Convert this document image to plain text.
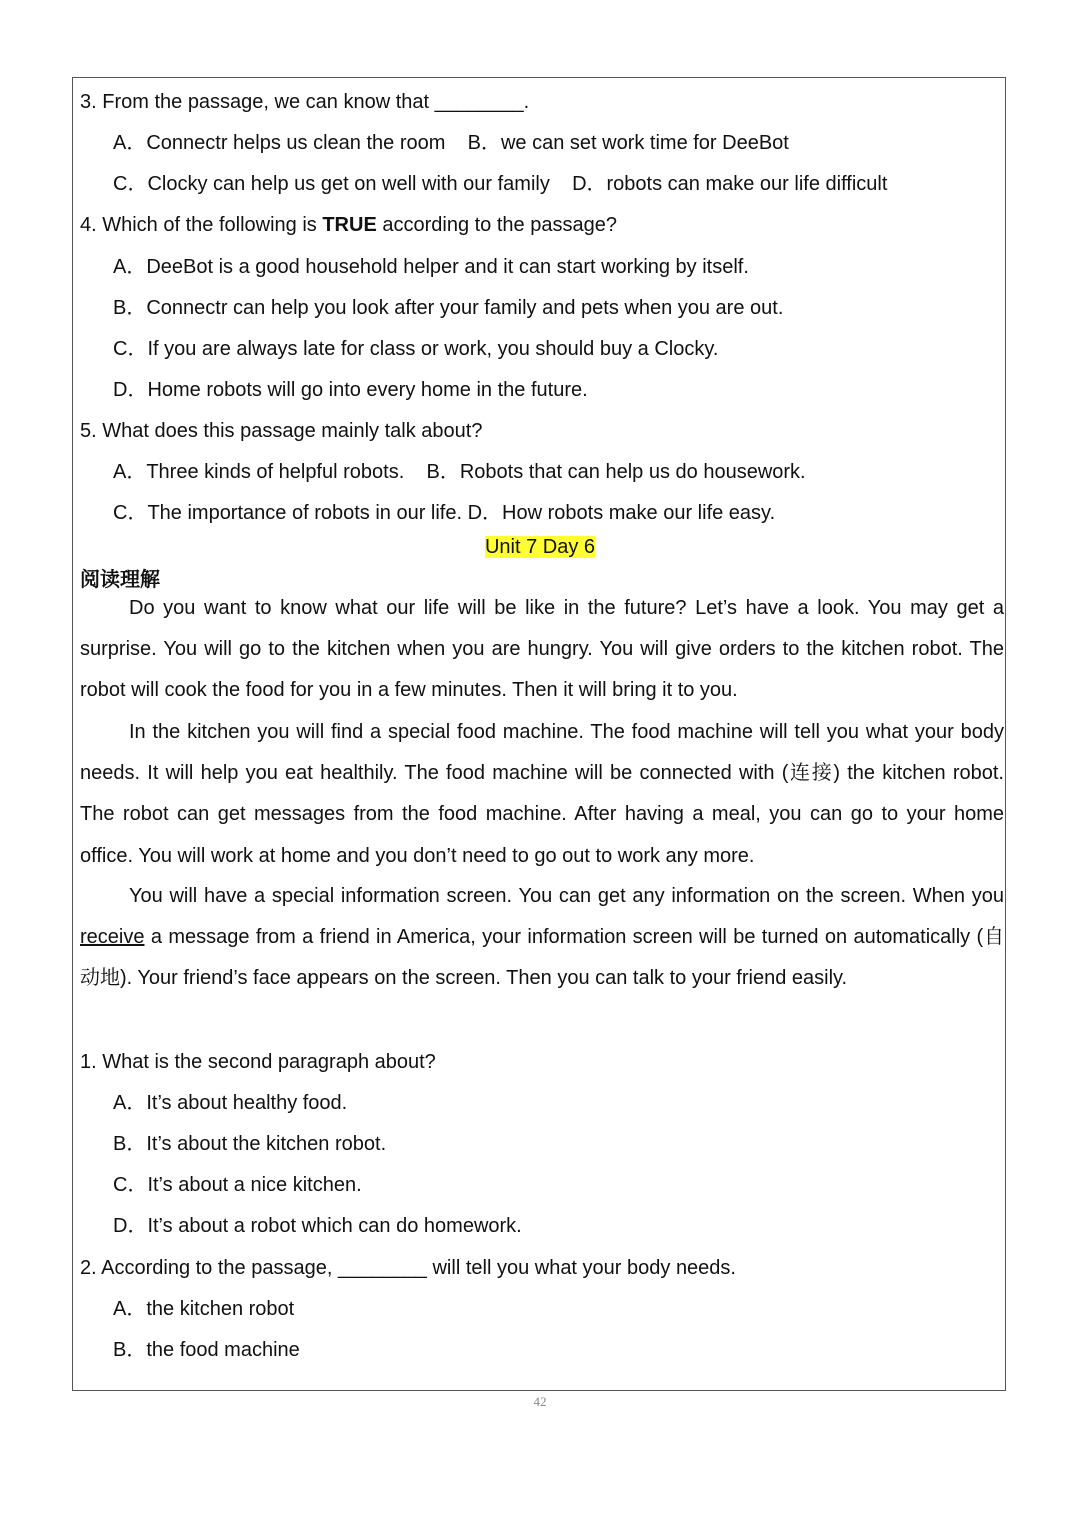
3. From the passage, we can know that ________.
A．Connectr helps us clean the room    B．we can set work time for DeeBot
C．Clocky can help us get on well with our family    D．robots can make our life difficult
4. Which of the following is TRUE according to the passage?
A．DeeBot is a good household helper and it can start working by itself.
B．Connectr can help you look after your family and pets when you are out.
C．If you are always late for class or work, you should buy a Clocky.
D．Home robots will go into every home in the future.
5. What does this passage mainly talk about?
A．Three kinds of helpful robots.    B．Robots that can help us do housework.
C．The importance of robots in our life. D．How robots make our life easy.
Unit 7 Day 6
阅读理解
Do you want to know what our life will be like in the future? Let’s have a look. You may get a surprise. You will go to the kitchen when you are hungry. You will give orders to the kitchen robot. The robot will cook the food for you in a few minutes. Then it will bring it to you.
In the kitchen you will find a special food machine. The food machine will tell you what your body needs. It will help you eat healthily. The food machine will be connected with (连接) the kitchen robot. The robot can get messages from the food machine. After having a meal, you can go to your home office. You will work at home and you don’t need to go out to work any more.
You will have a special information screen. You can get any information on the screen. When you receive a message from a friend in America, your information screen will be turned on automatically (自动地). Your friend’s face appears on the screen. Then you can talk to your friend easily.
1. What is the second paragraph about?
A．It’s about healthy food.
B．It’s about the kitchen robot.
C．It’s about a nice kitchen.
D．It’s about a robot which can do homework.
2. According to the passage, ________ will tell you what your body needs.
A．the kitchen robot
B．the food machine
42
